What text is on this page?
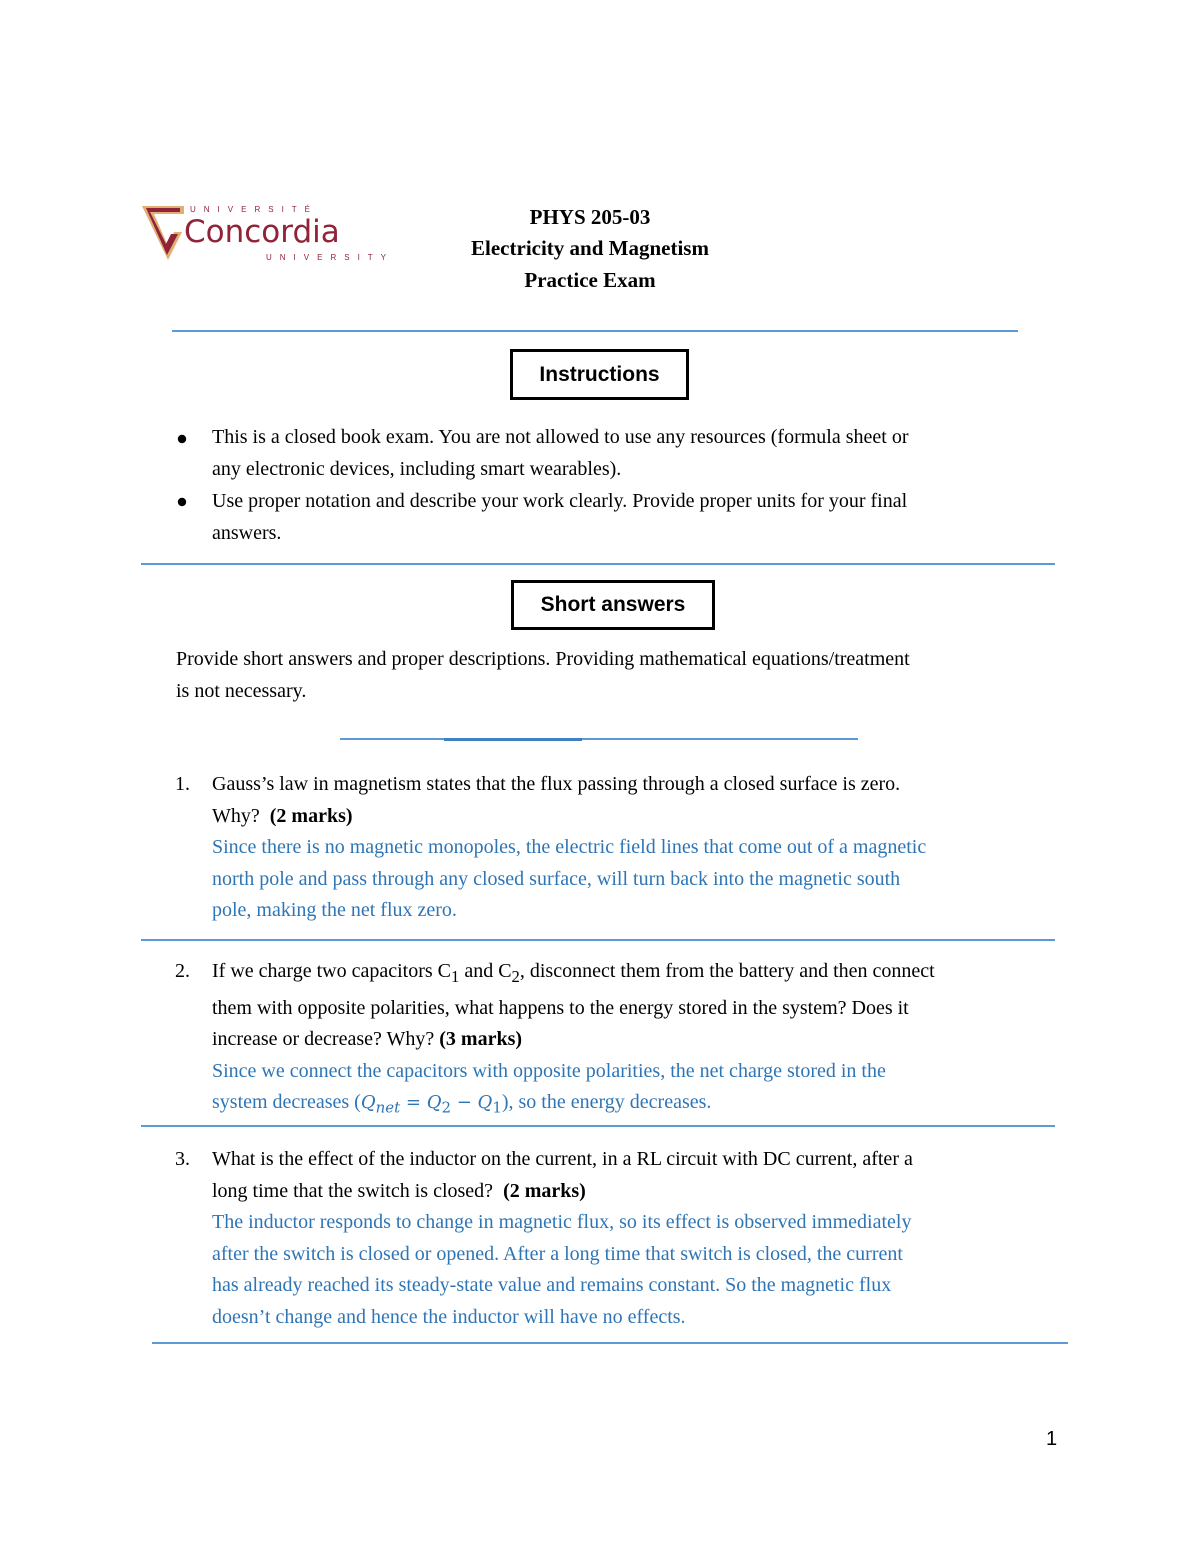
UNIVERSITÉ
Concordia
UNIVERSITY
PHYS 205-03
Electricity and Magnetism
Practice Exam
Instructions
This is a closed book exam. You are not allowed to use any resources (formula sheet or
any electronic devices, including smart wearables).
Use proper notation and describe your work clearly. Provide proper units for your final
answers.
Short answers
Provide short answers and proper descriptions. Providing mathematical equations/treatment
is not necessary.
1. Gauss’s law in magnetism states that the flux passing through a closed surface is zero.
Why? (2 marks)
Since there is no magnetic monopoles, the electric field lines that come out of a magnetic
north pole and pass through any closed surface, will turn back into the magnetic south
pole, making the net flux zero.
2. If we charge two capacitors $C_1$ and $C_2$, disconnect them from the battery and then connect
them with opposite polarities, what happens to the energy stored in the system? Does it
increase or decrease? Why? (3 marks)
Since we connect the capacitors with opposite polarities, the net charge stored in the
system decreases $(Q_{net} = Q_2 - Q_1)$, so the energy decreases.
3. What is the effect of the inductor on the current, in a RL circuit with DC current, after a
long time that the switch is closed? (2 marks)
The inductor responds to change in magnetic flux, so its effect is observed immediately
after the switch is closed or opened. After a long time that switch is closed, the current
has already reached its steady-state value and remains constant. So the magnetic flux
doesn’t change and hence the inductor will have no effects.
1
